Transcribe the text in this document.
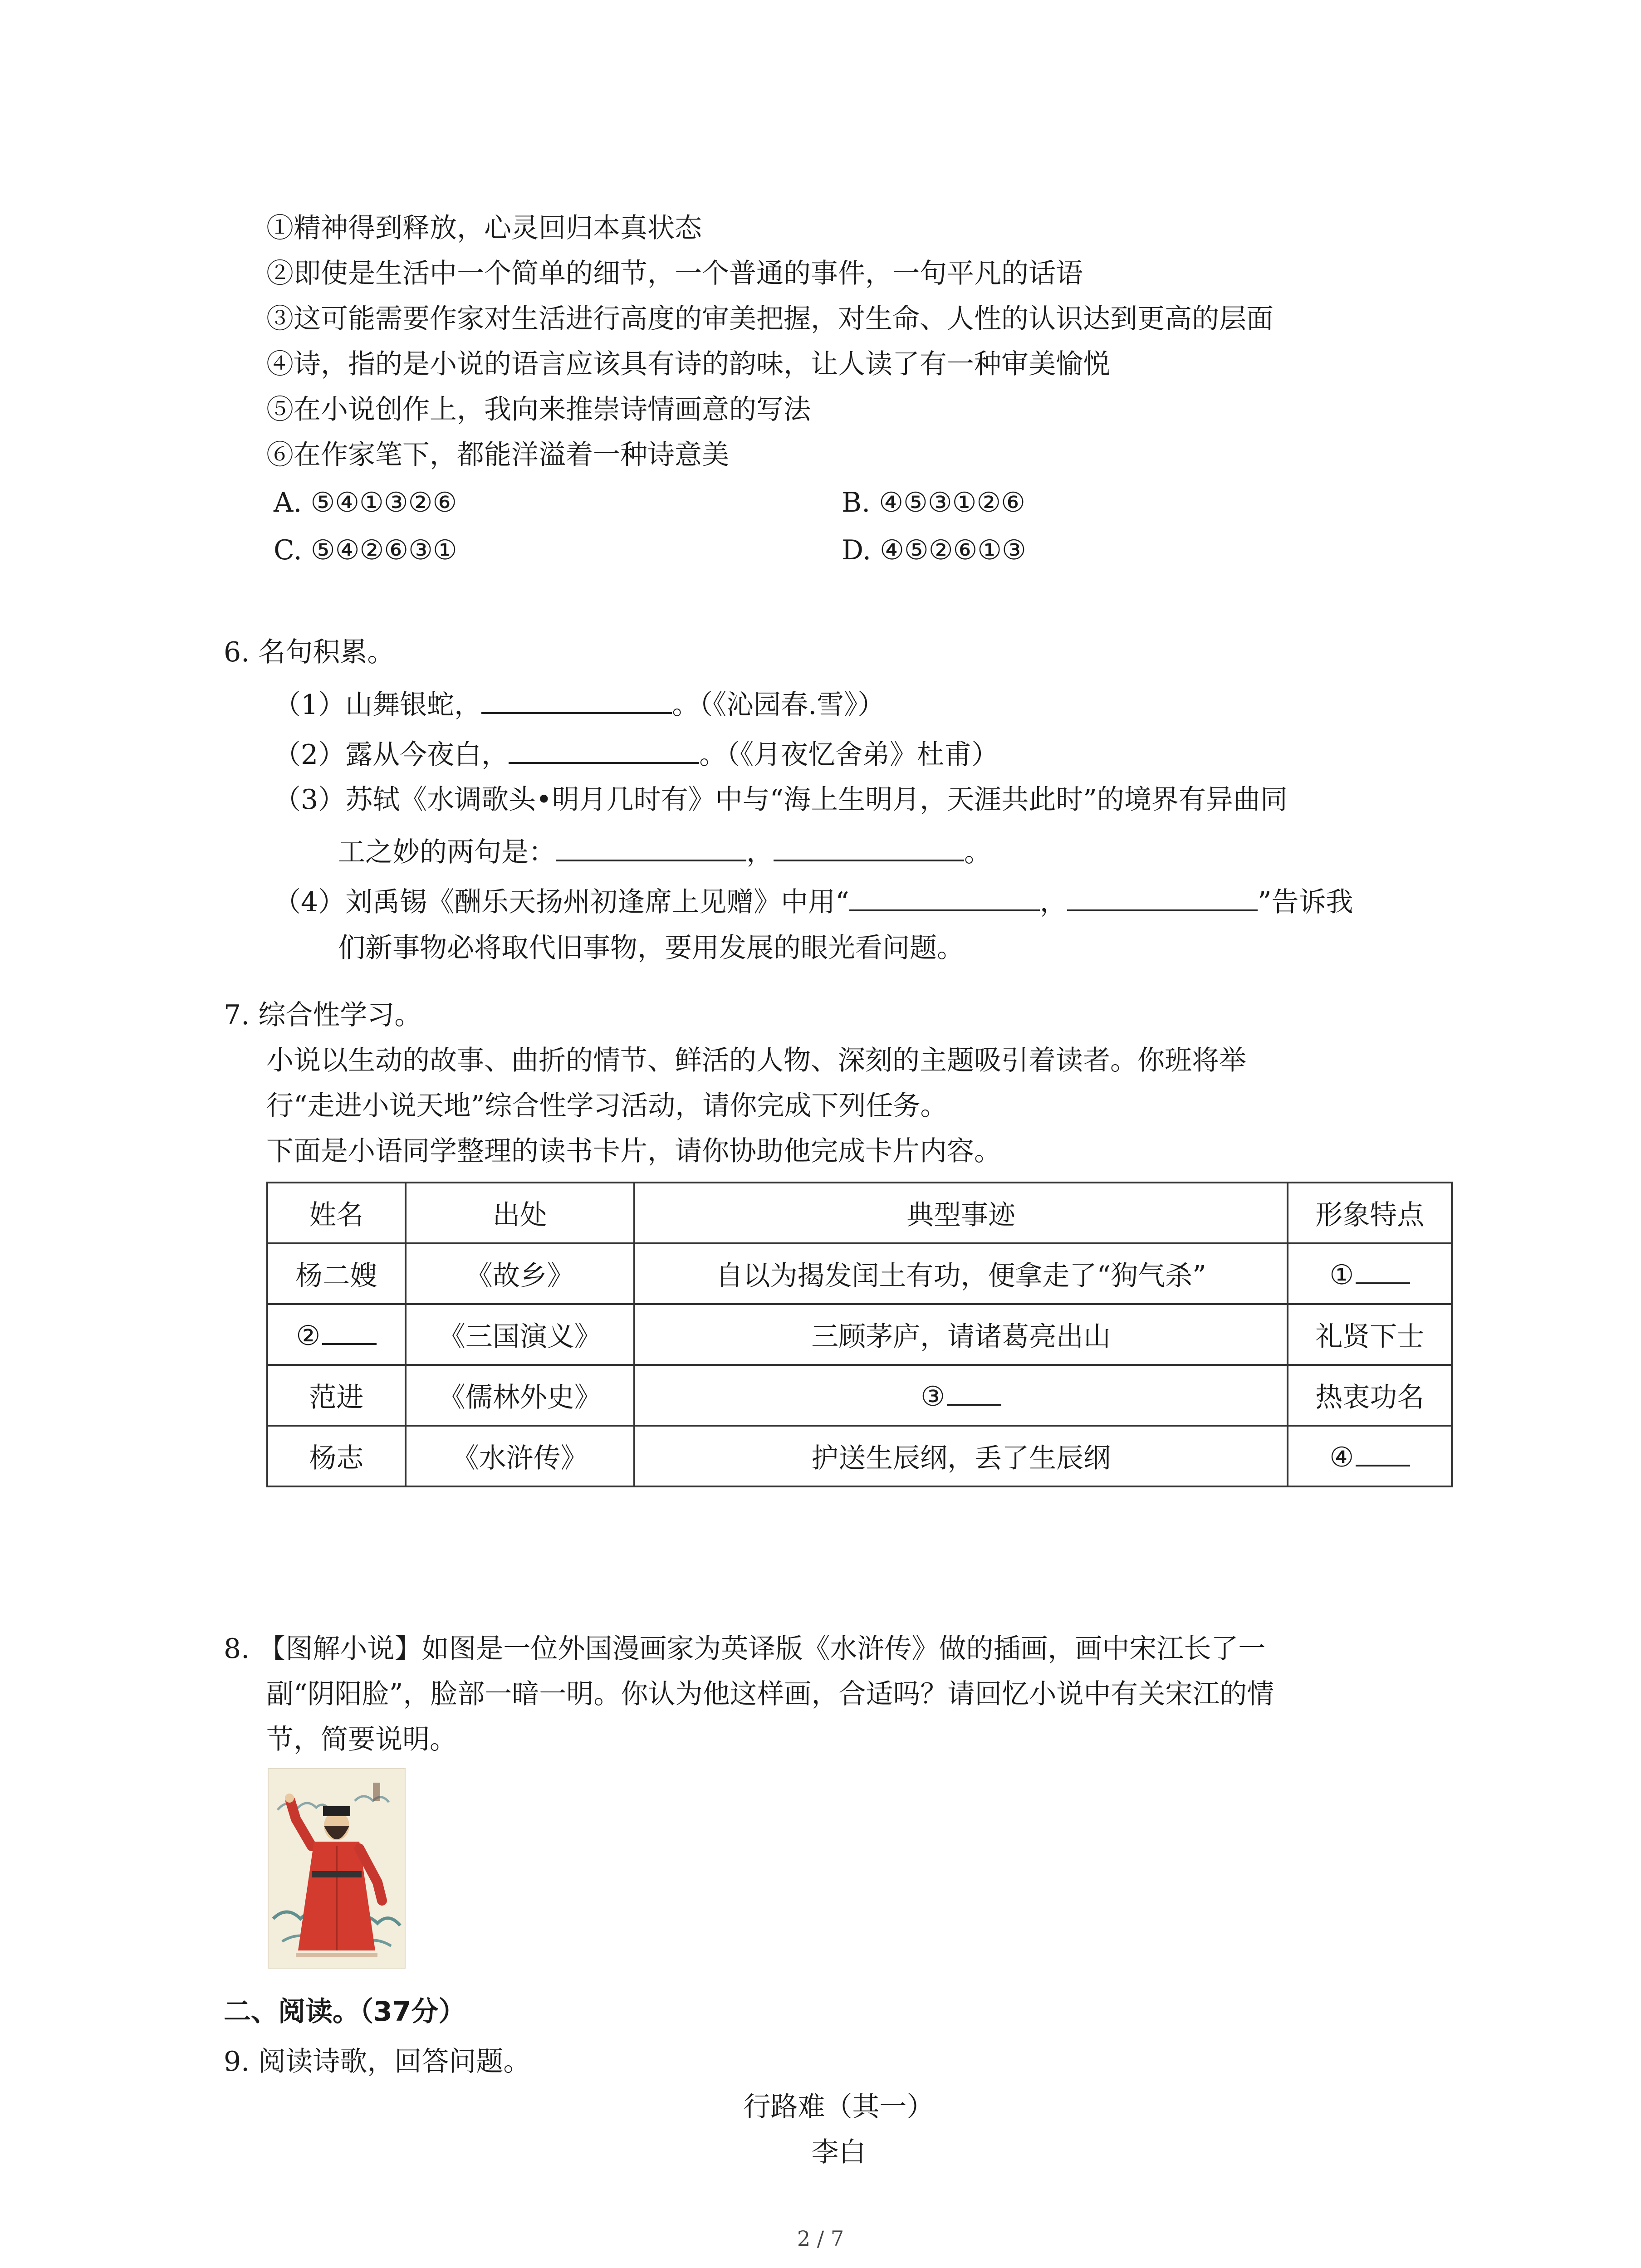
①精神得到释放，心灵回归本真状态
②即使是生活中一个简单的细节，一个普通的事件，一句平凡的话语
③这可能需要作家对生活进行高度的审美把握，对生命、人性的认识达到更高的层面
④诗，指的是小说的语言应该具有诗的韵味，让人读了有一种审美愉悦
⑤在小说创作上，我向来推崇诗情画意的写法
⑥在作家笔下，都能洋溢着一种诗意美
A. ⑤④①③②⑥	B. ④⑤③①②⑥
C. ⑤④②⑥③①	D. ④⑤②⑥①③
6. 名句积累。
（1）山舞银蛇，	。（《沁园春.雪》）
（2）露从今夜白，	。（《月夜忆舍弟》杜甫）
（3）苏轼《水调歌头•明月几时有》中与“海上生明月，天涯共此时”的境界有异曲同
工之妙的两句是：	，	。
（4）刘禹锡《酬乐天扬州初逢席上见赠》中用“	，	”告诉我
们新事物必将取代旧事物，要用发展的眼光看问题。
7. 综合性学习。
小说以生动的故事、曲折的情节、鲜活的人物、深刻的主题吸引着读者。你班将举
行“走进小说天地”综合性学习活动，请你完成下列任务。
下面是小语同学整理的读书卡片，请你协助他完成卡片内容。
姓名	出处	典型事迹	形象特点
杨二嫂	《故乡》	自以为揭发闰土有功，便拿走了“狗气杀”	①
②	《三国演义》	三顾茅庐，请诸葛亮出山	礼贤下士
范进	《儒林外史》	③	热衷功名
杨志	《水浒传》	护送生辰纲，丢了生辰纲	④
8. 【图解小说】如图是一位外国漫画家为英译版《水浒传》做的插画，画中宋江长了一
副“阴阳脸”，脸部一暗一明。你认为他这样画，合适吗？请回忆小说中有关宋江的情
节，简要说明。
二、阅读。（37分）
9. 阅读诗歌，回答问题。
行路难（其一）
李白
2 / 7
